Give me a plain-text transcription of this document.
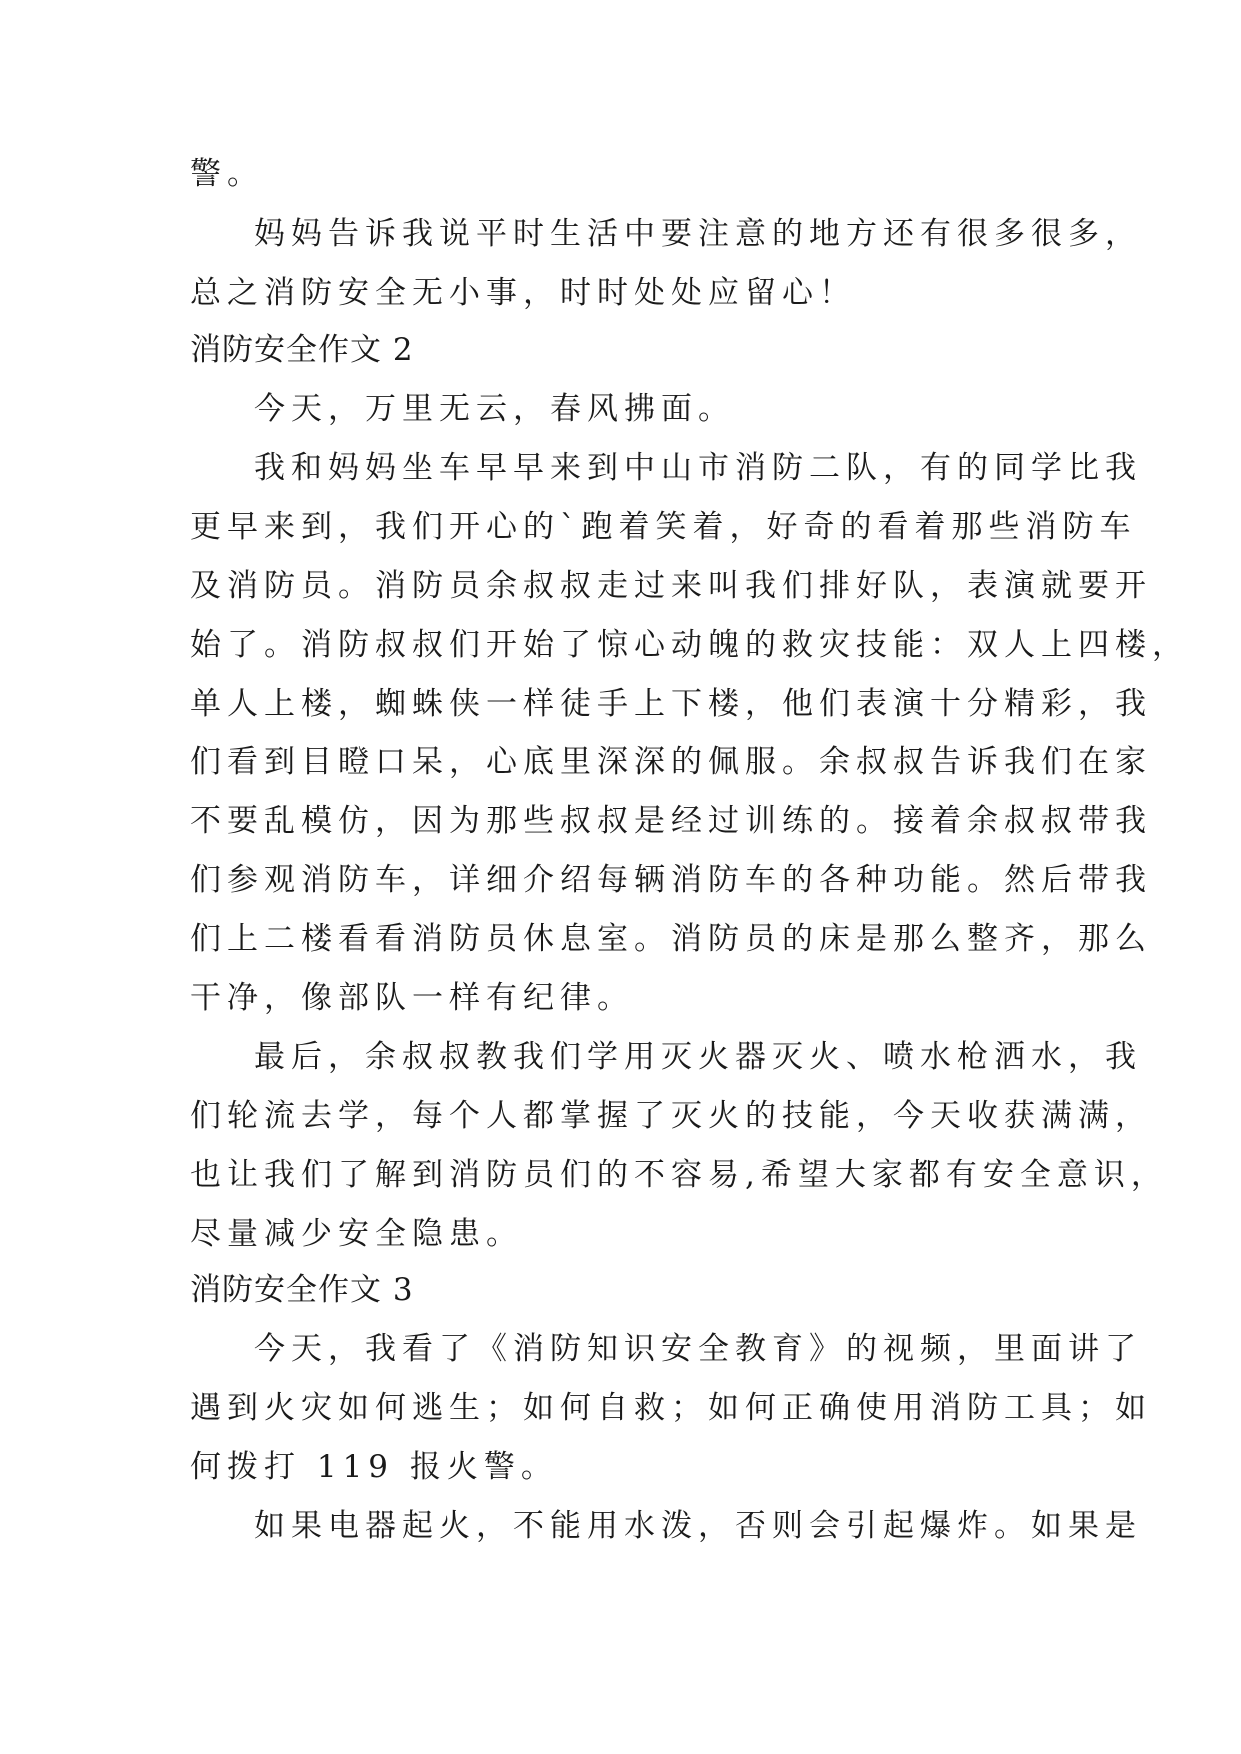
警。
妈妈告诉我说平时生活中要注意的地方还有很多很多，
总之消防安全无小事，时时处处应留心！
消防安全作文 2
今天，万里无云，春风拂面。
我和妈妈坐车早早来到中山市消防二队，有的同学比我
更早来到，我们开心的`跑着笑着，好奇的看着那些消防车
及消防员。消防员余叔叔走过来叫我们排好队，表演就要开
始了。消防叔叔们开始了惊心动魄的救灾技能：双人上四楼，
单人上楼，蜘蛛侠一样徒手上下楼，他们表演十分精彩，我
们看到目瞪口呆，心底里深深的佩服。余叔叔告诉我们在家
不要乱模仿，因为那些叔叔是经过训练的。接着余叔叔带我
们参观消防车，详细介绍每辆消防车的各种功能。然后带我
们上二楼看看消防员休息室。消防员的床是那么整齐，那么
干净，像部队一样有纪律。
最后，余叔叔教我们学用灭火器灭火、喷水枪洒水，我
们轮流去学，每个人都掌握了灭火的技能，今天收获满满，
也让我们了解到消防员们的不容易,希望大家都有安全意识，
尽量减少安全隐患。
消防安全作文 3
今天，我看了《消防知识安全教育》的视频，里面讲了
遇到火灾如何逃生；如何自救；如何正确使用消防工具；如
何拨打 119 报火警。
如果电器起火，不能用水泼，否则会引起爆炸。如果是
